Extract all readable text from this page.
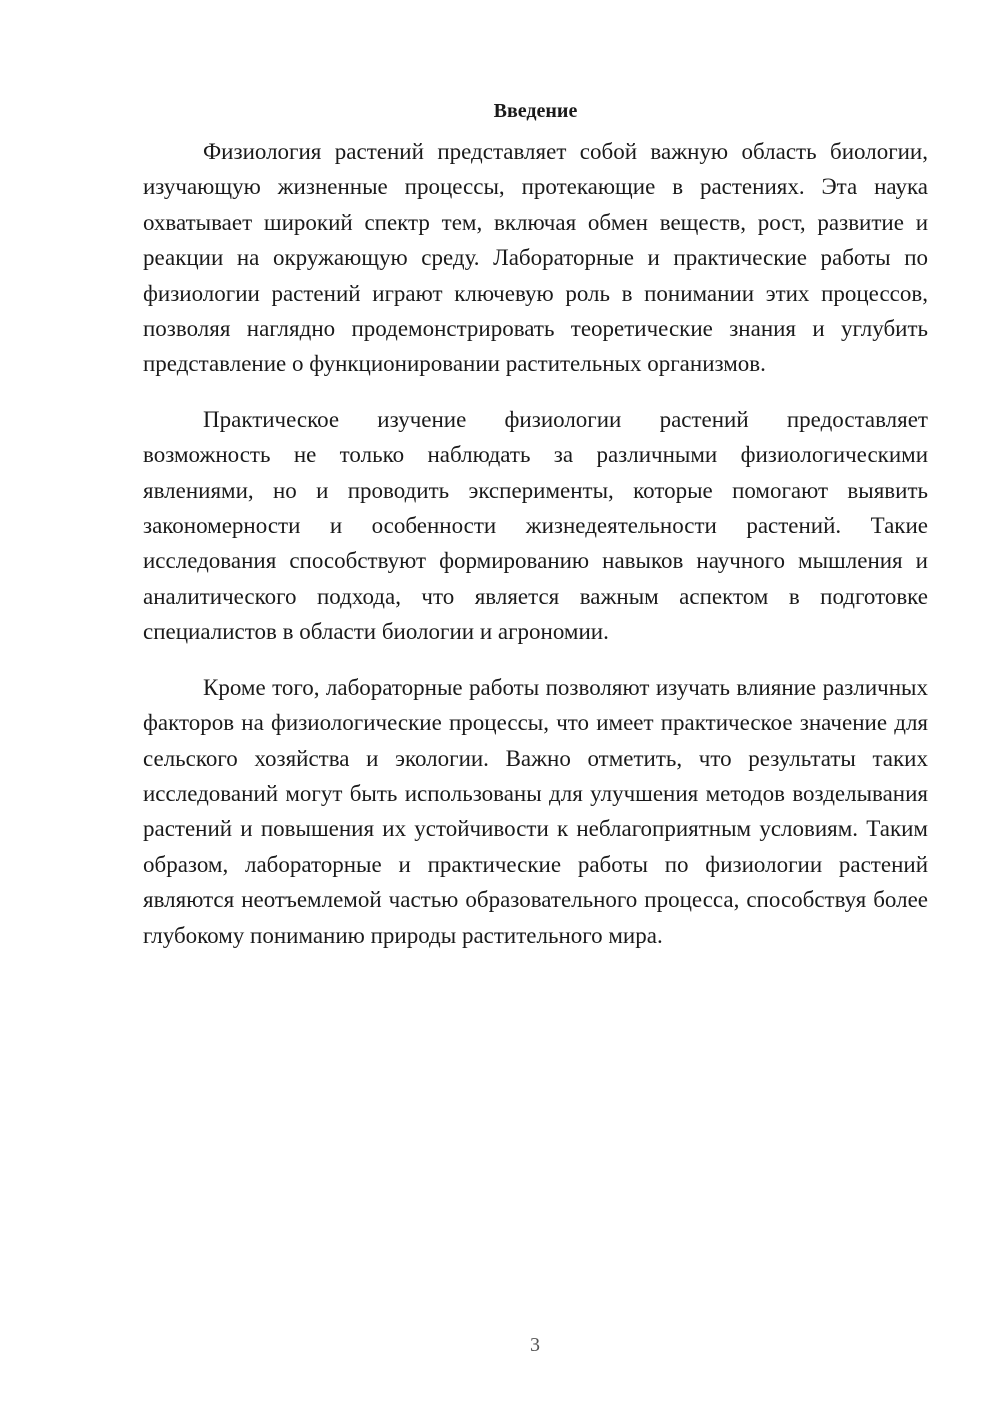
Введение

Физиология растений представляет собой важную область биологии, изучающую жизненные процессы, протекающие в растениях. Эта наука охватывает широкий спектр тем, включая обмен веществ, рост, развитие и реакции на окружающую среду. Лабораторные и практические работы по физиологии растений играют ключевую роль в понимании этих процессов, позволяя наглядно продемонстрировать теоретические знания и углубить представление о функционировании растительных организмов.

Практическое изучение физиологии растений предоставляет возможность не только наблюдать за различными физиологическими явлениями, но и проводить эксперименты, которые помогают выявить закономерности и особенности жизнедеятельности растений. Такие исследования способствуют формированию навыков научного мышления и аналитического подхода, что является важным аспектом в подготовке специалистов в области биологии и агрономии.

Кроме того, лабораторные работы позволяют изучать влияние различных факторов на физиологические процессы, что имеет практическое значение для сельского хозяйства и экологии. Важно отметить, что результаты таких исследований могут быть использованы для улучшения методов возделывания растений и повышения их устойчивости к неблагоприятным условиям. Таким образом, лабораторные и практические работы по физиологии растений являются неотъемлемой частью образовательного процесса, способствуя более глубокому пониманию природы растительного мира.

3
